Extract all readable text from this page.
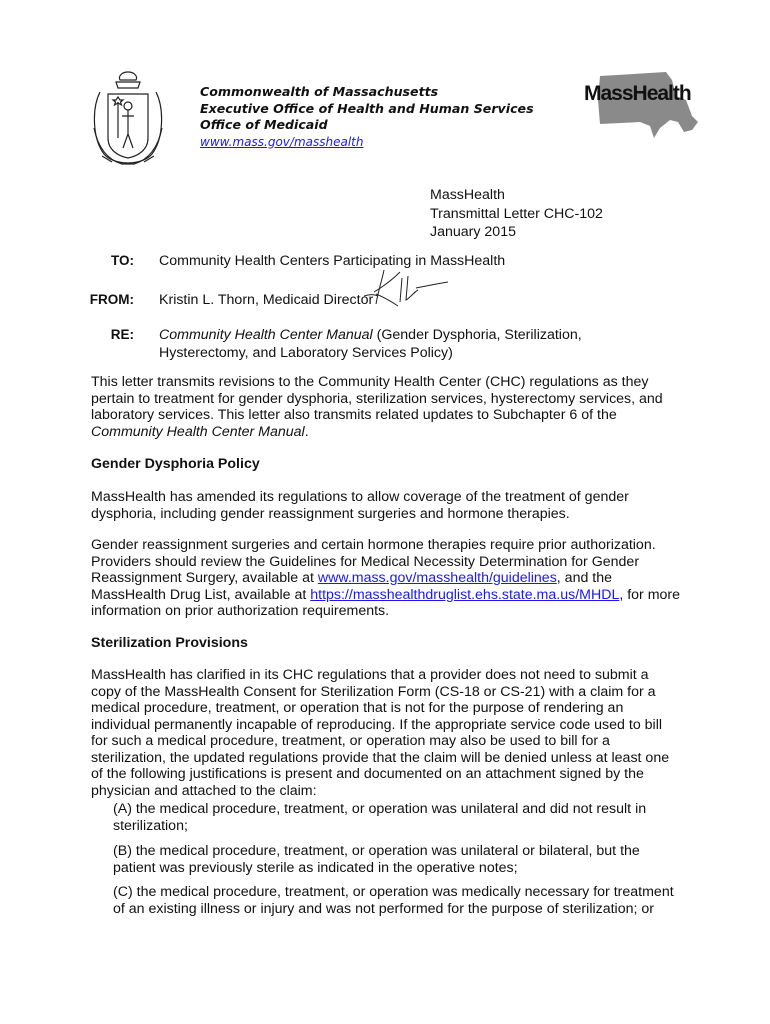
Commonwealth of Massachusetts
Executive Office of Health and Human Services
Office of Medicaid
www.mass.gov/masshealth
MassHealth
MassHealth
Transmittal Letter CHC-102
January 2015
TO: Community Health Centers Participating in MassHealth
FROM: Kristin L. Thorn, Medicaid Director
RE: Community Health Center Manual (Gender Dysphoria, Sterilization,
Hysterectomy, and Laboratory Services Policy)

This letter transmits revisions to the Community Health Center (CHC) regulations as they pertain to treatment for gender dysphoria, sterilization services, hysterectomy services, and laboratory services. This letter also transmits related updates to Subchapter 6 of the Community Health Center Manual.

Gender Dysphoria Policy

MassHealth has amended its regulations to allow coverage of the treatment of gender dysphoria, including gender reassignment surgeries and hormone therapies.

Gender reassignment surgeries and certain hormone therapies require prior authorization. Providers should review the Guidelines for Medical Necessity Determination for Gender Reassignment Surgery, available at www.mass.gov/masshealth/guidelines, and the MassHealth Drug List, available at https://masshealthdruglist.ehs.state.ma.us/MHDL, for more information on prior authorization requirements.

Sterilization Provisions

MassHealth has clarified in its CHC regulations that a provider does not need to submit a copy of the MassHealth Consent for Sterilization Form (CS-18 or CS-21) with a claim for a medical procedure, treatment, or operation that is not for the purpose of rendering an individual permanently incapable of reproducing. If the appropriate service code used to bill for such a medical procedure, treatment, or operation may also be used to bill for a sterilization, the updated regulations provide that the claim will be denied unless at least one of the following justifications is present and documented on an attachment signed by the physician and attached to the claim:

(A) the medical procedure, treatment, or operation was unilateral and did not result in sterilization;
(B) the medical procedure, treatment, or operation was unilateral or bilateral, but the patient was previously sterile as indicated in the operative notes;
(C) the medical procedure, treatment, or operation was medically necessary for treatment of an existing illness or injury and was not performed for the purpose of sterilization; or
